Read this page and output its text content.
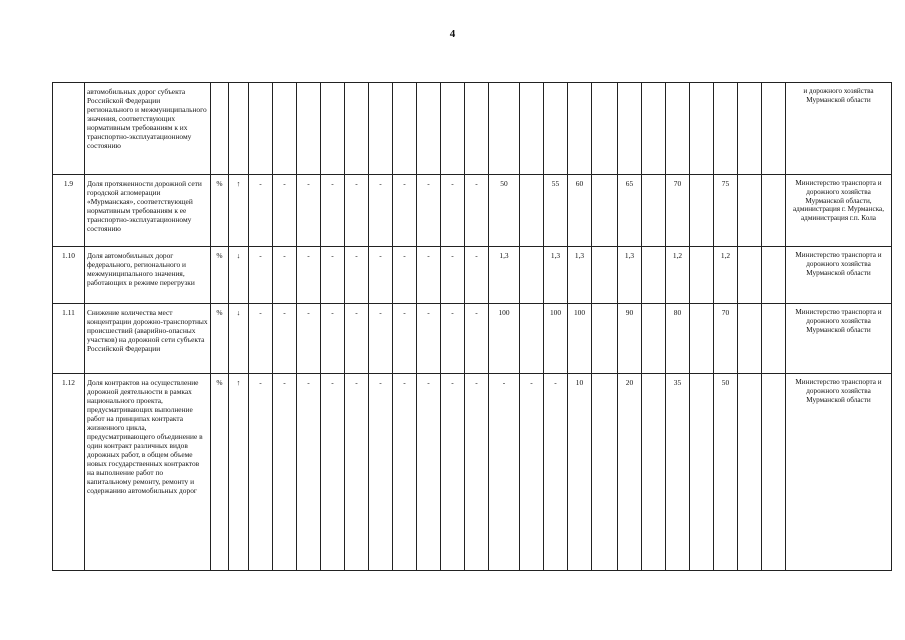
4
	автомобильных дорог субъекта Российской Федерации регионального и межмуниципального значения, соответствующих нормативным требованиям к их транспортно-эксплуатационному состоянию																									и дорожного хозяйства Мурманской области
1.9	Доля протяженности дорожной сети городской агломерации «Мурманская», соответствующей нормативным требованиям к ее транспортно-эксплуатационному состоянию	%	↑	-	-	-	-	-	-	-	-	-	-	50		55	60		65		70		75			Министерство транспорта и дорожного хозяйства Мурманской области, администрация г. Мурманска, администрация г.п. Кола
1.10	Доля автомобильных дорог федерального, регионального и межмуниципального значения, работающих в режиме перегрузки	%	↓	-	-	-	-	-	-	-	-	-	-	1,3		1,3	1,3		1,3		1,2		1,2			Министерство транспорта и дорожного хозяйства Мурманской области
1.11	Снижение количества мест концентрации дорожно-транспортных происшествий (аварийно-опасных участков) на дорожной сети субъекта Российской Федерации	%	↓	-	-	-	-	-	-	-	-	-	-	100		100	100		90		80		70			Министерство транспорта и дорожного хозяйства Мурманской области
1.12	Доля контрактов на осуществление дорожной деятельности в рамках национального проекта, предусматривающих выполнение работ на принципах контракта жизненного цикла, предусматривающего объединение в один контракт различных видов дорожных работ, в общем объеме новых государственных контрактов на выполнение работ по капитальному ремонту, ремонту и содержанию автомобильных дорог	%	↑	-	-	-	-	-	-	-	-	-	-	-	-	-	10		20		35		50			Министерство транспорта и дорожного хозяйства Мурманской области
